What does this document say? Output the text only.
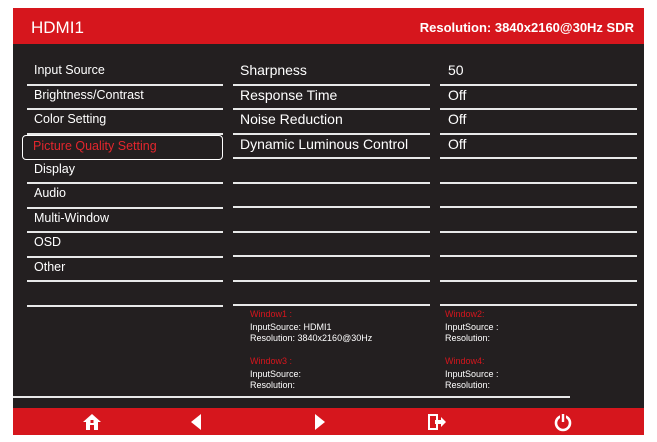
HDMI1	Resolution: 3840x2160@30Hz SDR
Input Source
Brightness/Contrast
Color Setting
Picture Quality Setting
Display
Audio
Multi-Window
OSD
Other
Sharpness
Response Time
Noise Reduction
Dynamic Luminous Control
50
Off
Off
Off
Window1 :
InputSource: HDMI1
Resolution: 3840x2160@30Hz
Window2:
InputSource :
Resolution:
Window3 :
InputSource:
Resolution:
Window4:
InputSource :
Resolution:
